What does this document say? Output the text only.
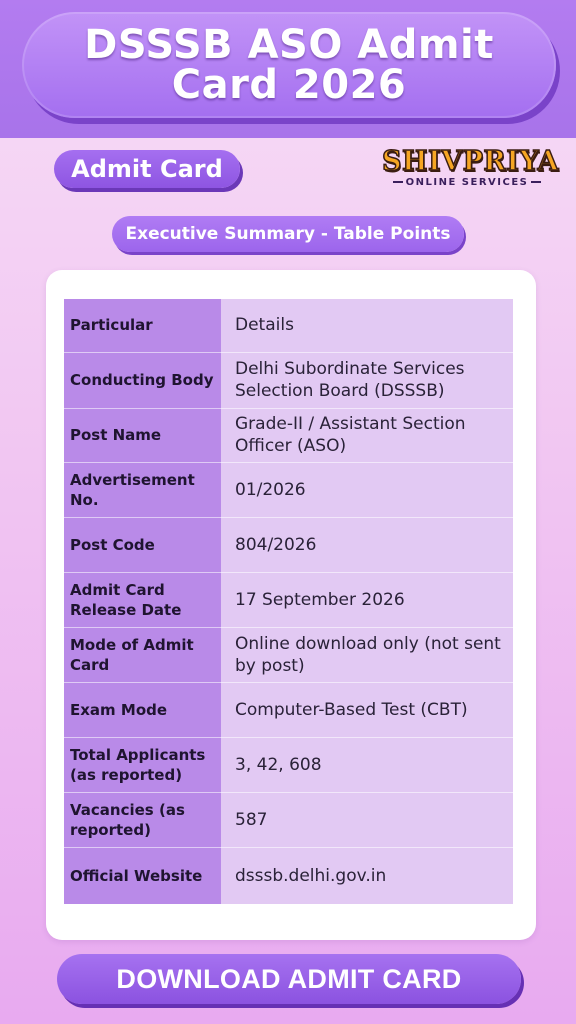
DSSSB ASO Admit Card 2026
Admit Card	SHIVPRIYA
ONLINE SERVICES
Executive Summary - Table Points
Particular	Details
Conducting Body	Delhi Subordinate Services Selection Board (DSSSB)
Post Name	Grade-II / Assistant Section Officer (ASO)
Advertisement No.	01/2026
Post Code	804/2026
Admit Card Release Date	17 September 2026
Mode of Admit Card	Online download only (not sent by post)
Exam Mode	Computer-Based Test (CBT)
Total Applicants (as reported)	3, 42, 608
Vacancies (as reported)	587
Official Website	dsssb.delhi.gov.in
DOWNLOAD ADMIT CARD
